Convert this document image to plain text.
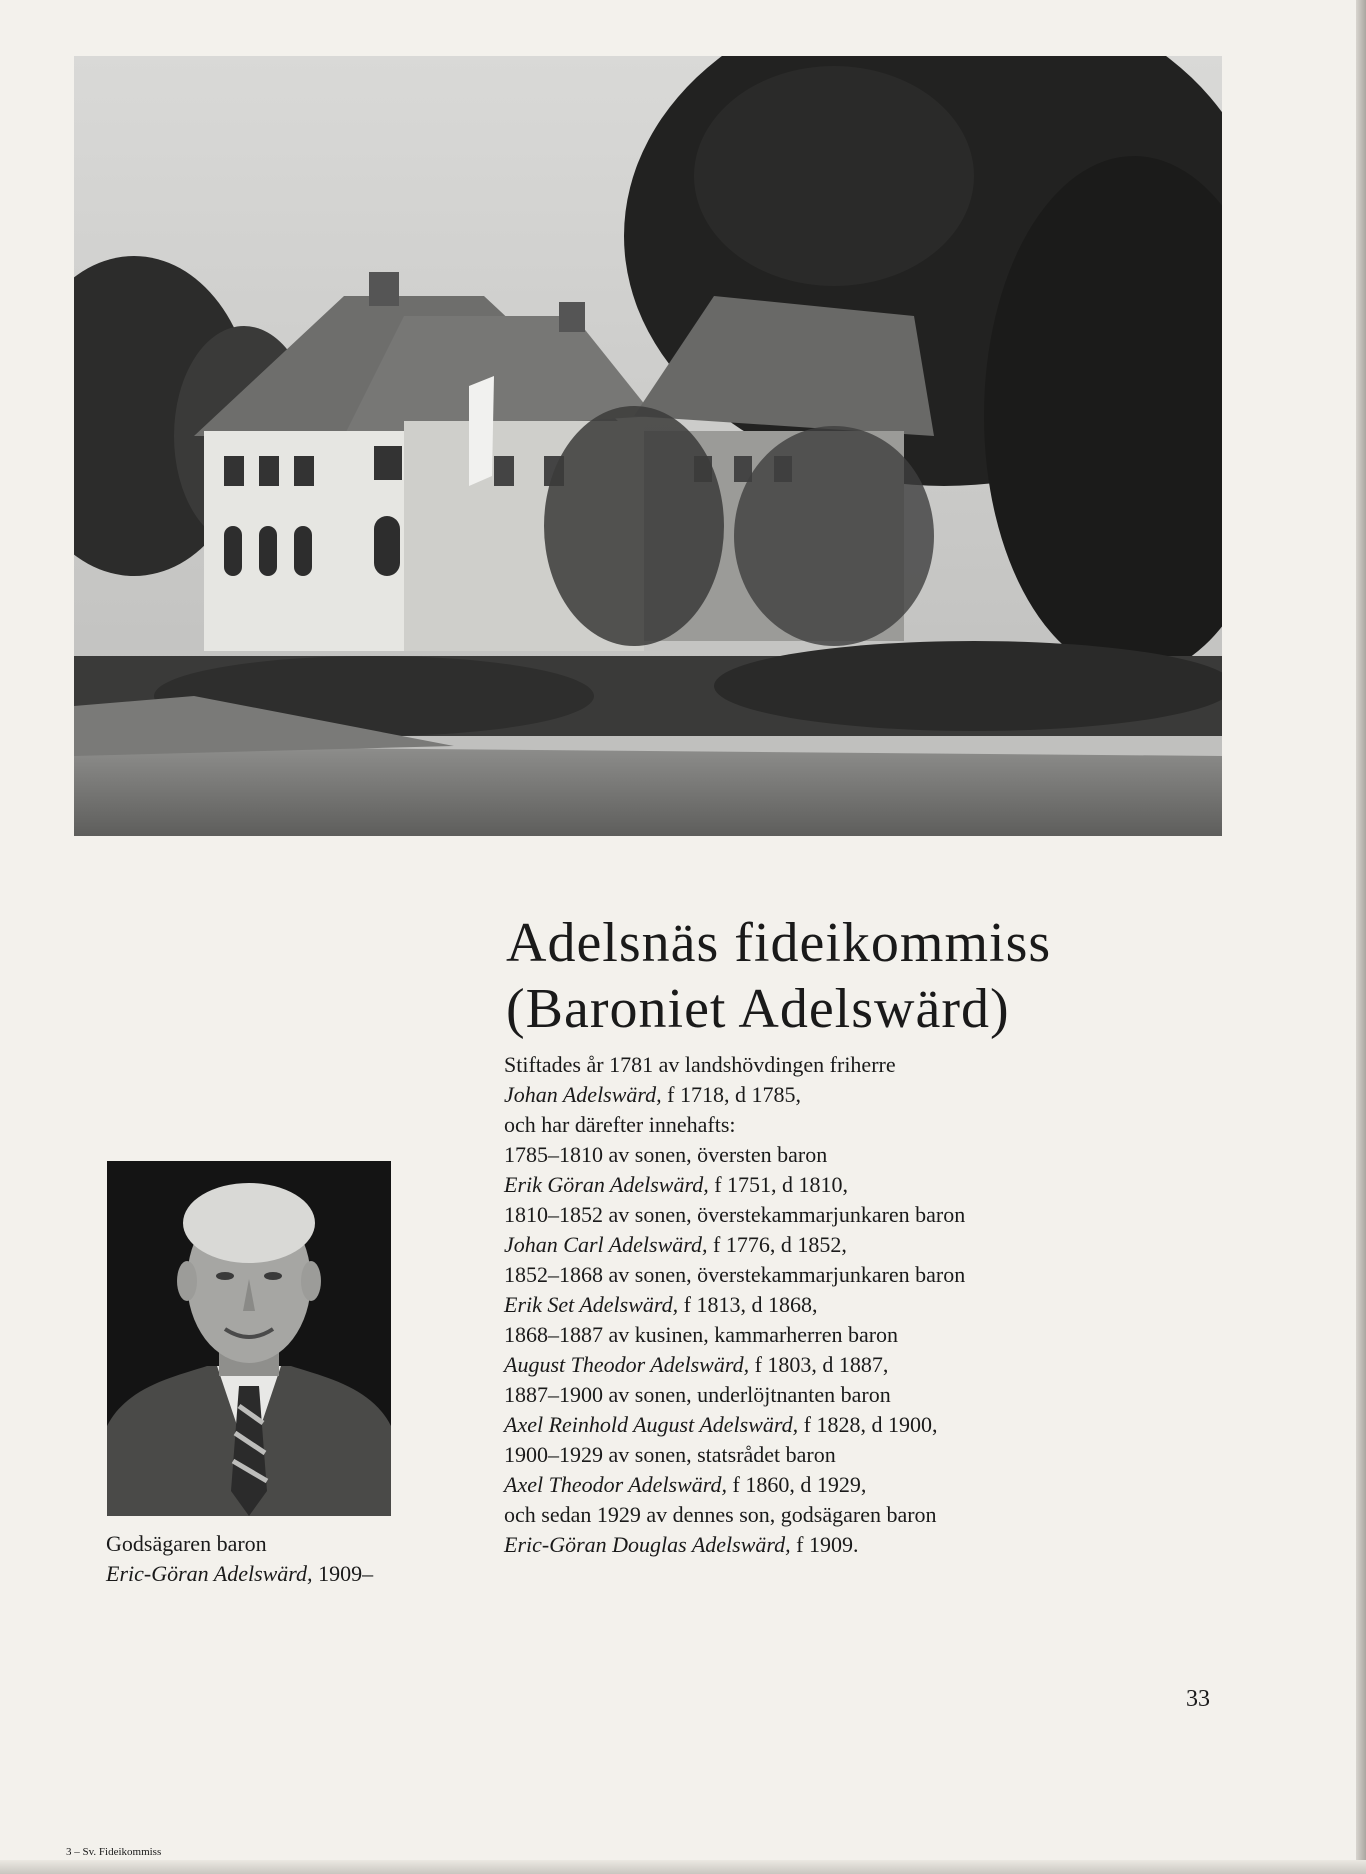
Adelsnäs fideikommiss
(Baroniet Adelswärd)
Stiftades år 1781 av landshövdingen friherre
Johan Adelswärd, f 1718, d 1785,
och har därefter innehafts:
1785–1810 av sonen, översten baron
Erik Göran Adelswärd, f 1751, d 1810,
1810–1852 av sonen, överstekammarjunkaren baron
Johan Carl Adelswärd, f 1776, d 1852,
1852–1868 av sonen, överstekammarjunkaren baron
Erik Set Adelswärd, f 1813, d 1868,
1868–1887 av kusinen, kammarherren baron
August Theodor Adelswärd, f 1803, d 1887,
1887–1900 av sonen, underlöjtnanten baron
Axel Reinhold August Adelswärd, f 1828, d 1900,
1900–1929 av sonen, statsrådet baron
Axel Theodor Adelswärd, f 1860, d 1929,
och sedan 1929 av dennes son, godsägaren baron
Eric-Göran Douglas Adelswärd, f 1909.
Godsägaren baron
Eric-Göran Adelswärd, 1909–
33
3 – Sv. Fideikommiss
